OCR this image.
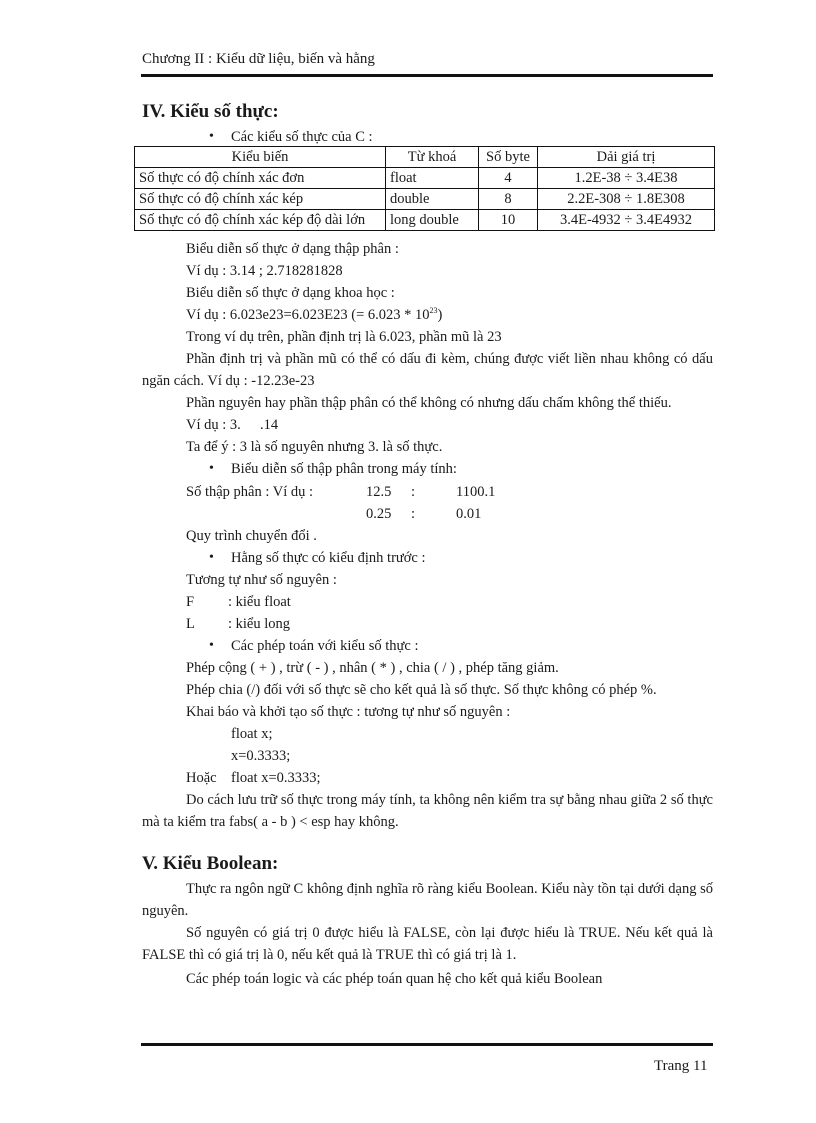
Chương II : Kiểu dữ liệu, biến và hằng
IV. Kiểu số thực:
• Các kiểu số thực của C :
Kiểu biến	Từ khoá	Số byte	Dải giá trị
Số thực có độ chính xác đơn	float	4	1.2E-38 ÷ 3.4E38
Số thực có độ chính xác kép	double	8	2.2E-308 ÷ 1.8E308
Số thực có độ chính xác kép độ dài lớn	long double	10	3.4E-4932 ÷ 3.4E4932
Biểu diễn số thực ở dạng thập phân :
Ví dụ : 3.14 ; 2.718281828
Biểu diễn số thực ở dạng khoa học :
Ví dụ : 6.023e23=6.023E23 (= $6.023 * 10^{23}$)
Trong ví dụ trên, phần định trị là 6.023, phần mũ là 23
Phần định trị và phần mũ có thể có dấu đi kèm, chúng được viết liền nhau không có dấu ngăn cách. Ví dụ : -12.23e-23
Phần nguyên hay phần thập phân có thể không có nhưng dấu chấm không thể thiếu.
Ví dụ : 3. .14
Ta để ý : 3 là số nguyên nhưng 3. là số thực.
• Biểu diễn số thập phân trong máy tính:
Số thập phân : Ví dụ :	12.5 :	1100.1
0.25 :	0.01
Quy trình chuyển đổi .
• Hằng số thực có kiểu định trước :
Tương tự như số nguyên :
F : kiểu float
L : kiểu long
• Các phép toán với kiểu số thực :
Phép cộng ( + ) , trừ ( - ) , nhân ( * ) , chia ( / ) , phép tăng giảm.
Phép chia (/) đối với số thực sẽ cho kết quả là số thực. Số thực không có phép %.
Khai báo và khởi tạo số thực : tương tự như số nguyên :
float x;
x=0.3333;
Hoặc float x=0.3333;
Do cách lưu trữ số thực trong máy tính, ta không nên kiểm tra sự bằng nhau giữa 2 số thực mà ta kiểm tra fabs( a - b ) < esp hay không.
V. Kiểu Boolean:
Thực ra ngôn ngữ C không định nghĩa rõ ràng kiểu Boolean. Kiểu này tồn tại dưới dạng số nguyên.
Số nguyên có giá trị 0 được hiểu là FALSE, còn lại được hiểu là TRUE. Nếu kết quả là FALSE thì có giá trị là 0, nếu kết quả là TRUE thì có giá trị là 1.
Các phép toán logic và các phép toán quan hệ cho kết quả kiểu Boolean
Trang 11
